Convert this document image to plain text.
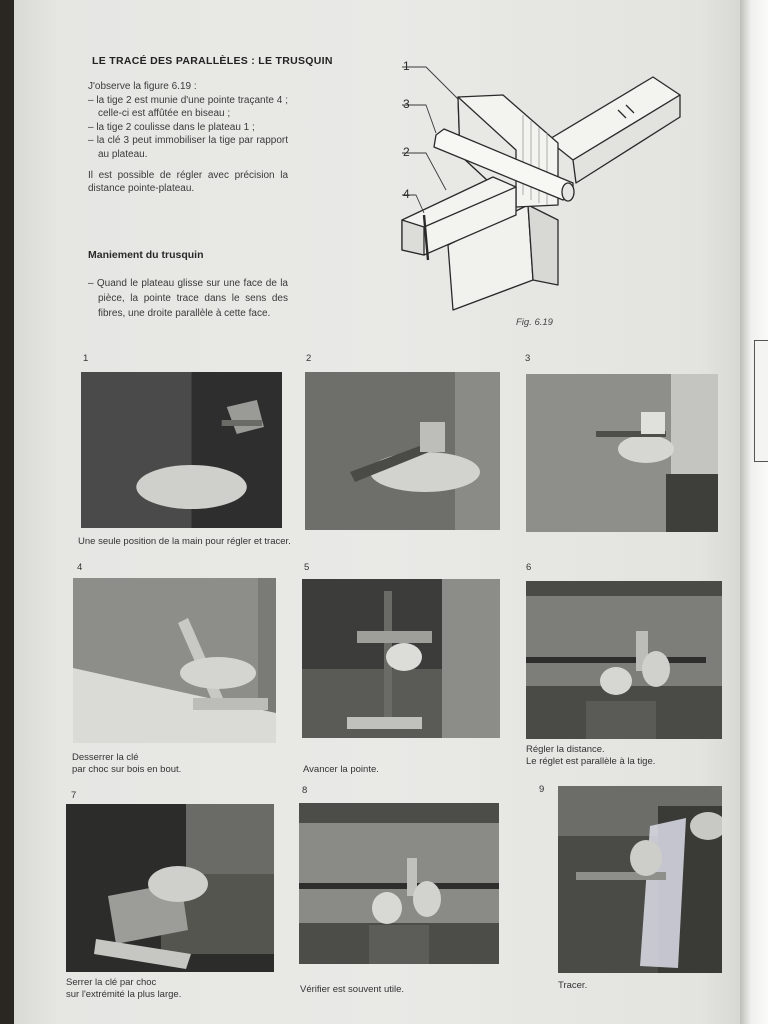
LE TRACÉ DES PARALLÈLES : LE TRUSQUIN

J'observe la figure 6.19 :

– la tige 2 est munie d'une pointe traçante 4 ; celle-ci est affûtée en biseau ;

– la tige 2 coulisse dans le plateau 1 ;

– la clé 3 peut immobiliser la tige par rapport au plateau.

Il est possible de régler avec précision la distance pointe-plateau.

Maniement du trusquin
– Quand le plateau glisse sur une face de la pièce, la pointe trace dans le sens des fibres, une droite parallèle à cette face.
1
3
2
4
Fig. 6.19
1
Une seule position de la main pour régler et tracer.
2	3
4
Desserrer la clé
par choc sur bois en bout.
5
Avancer la pointe.
6
Régler la distance.
Le réglet est parallèle à la tige.
7
Serrer la clé par choc
sur l'extrémité la plus large.
8
Vérifier est souvent utile.
9
Tracer.
